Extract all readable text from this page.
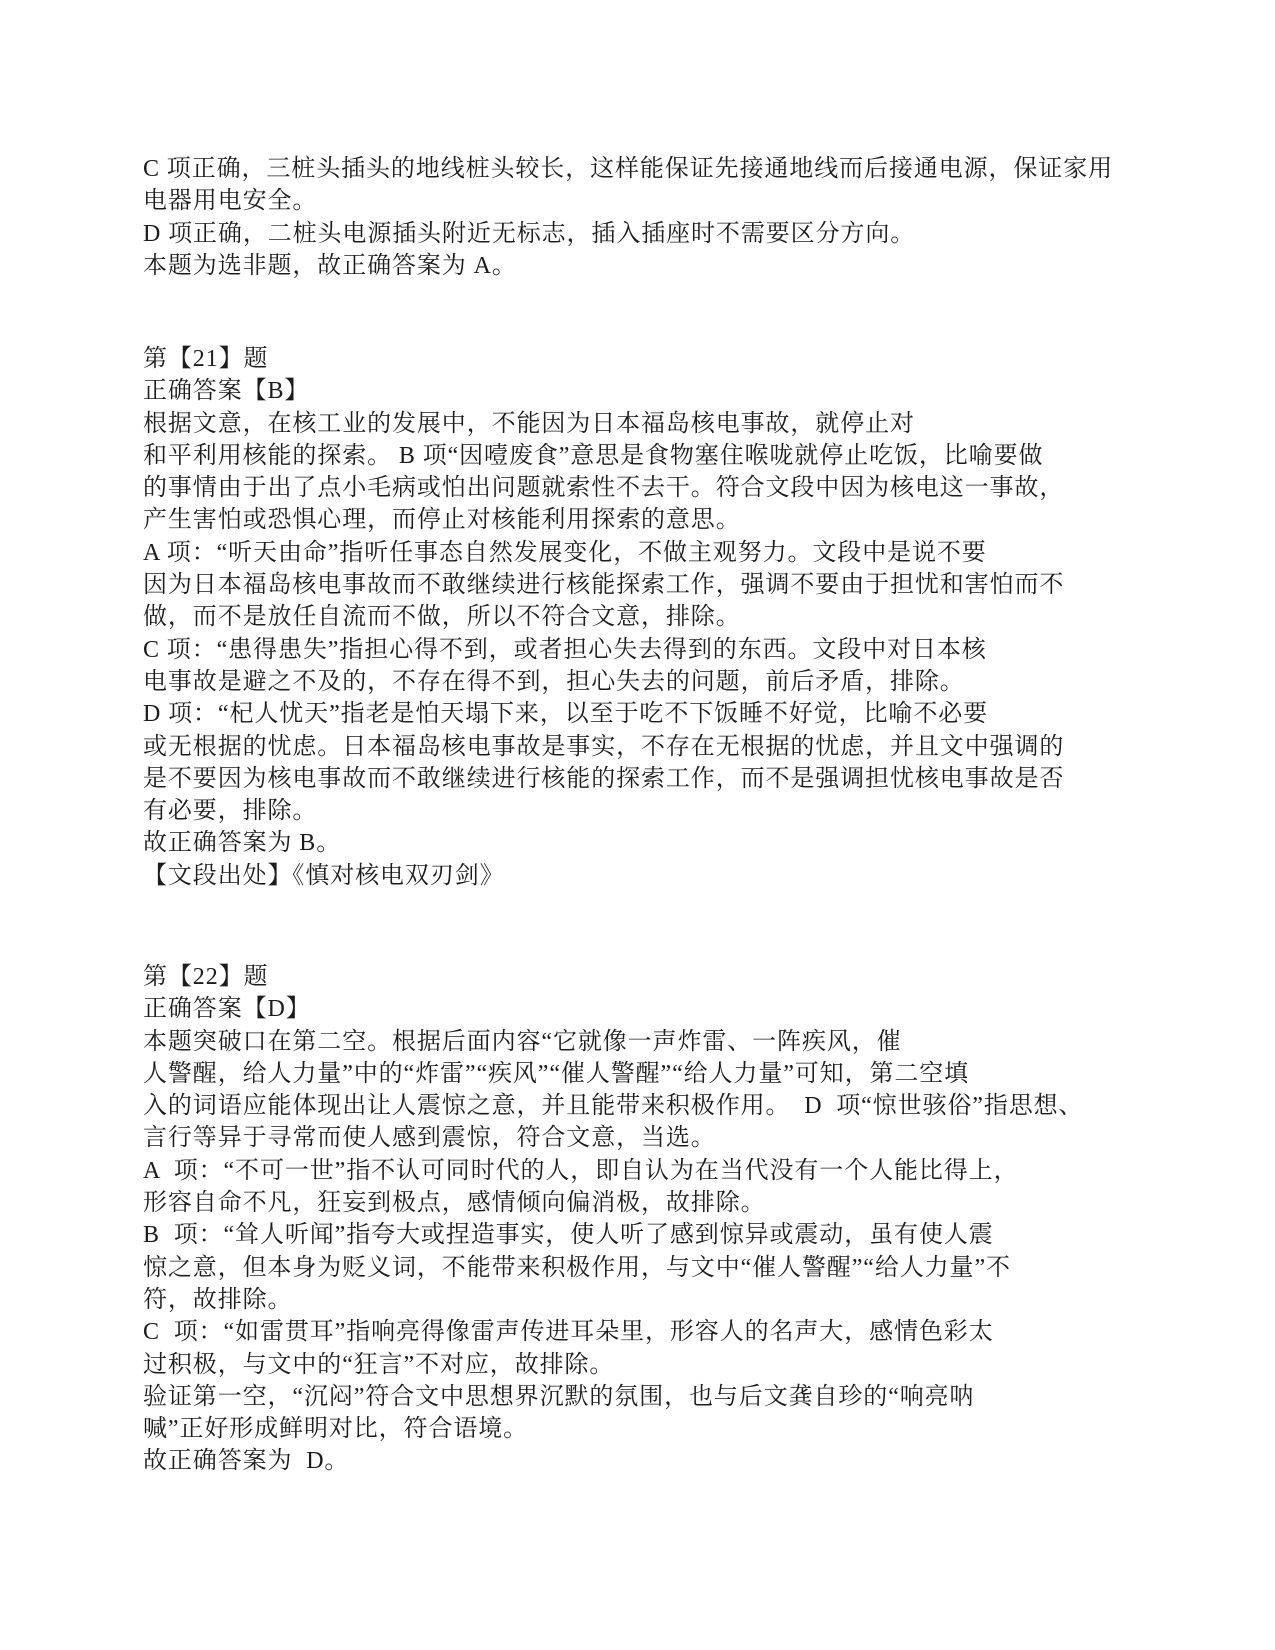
C 项正确，三桩头插头的地线桩头较长，这样能保证先接通地线而后接通电源，保证家用
电器用电安全。
D 项正确，二桩头电源插头附近无标志，插入插座时不需要区分方向。
本题为选非题，故正确答案为 A。
第【21】题
正确答案【B】
根据文意，在核工业的发展中，不能因为日本福岛核电事故，就停止对
和平利用核能的探索。 B 项“因噎废食”意思是食物塞住喉咙就停止吃饭，比喻要做
的事情由于出了点小毛病或怕出问题就索性不去干。符合文段中因为核电这一事故，
产生害怕或恐惧心理，而停止对核能利用探索的意思。
A 项：“听天由命”指听任事态自然发展变化，不做主观努力。文段中是说不要
因为日本福岛核电事故而不敢继续进行核能探索工作，强调不要由于担忧和害怕而不
做，而不是放任自流而不做，所以不符合文意，排除。
C 项：“患得患失”指担心得不到，或者担心失去得到的东西。文段中对日本核
电事故是避之不及的，不存在得不到，担心失去的问题，前后矛盾，排除。
D 项：“杞人忧天”指老是怕天塌下来，以至于吃不下饭睡不好觉，比喻不必要
或无根据的忧虑。日本福岛核电事故是事实，不存在无根据的忧虑，并且文中强调的
是不要因为核电事故而不敢继续进行核能的探索工作，而不是强调担忧核电事故是否
有必要，排除。
故正确答案为 B。
【文段出处】《慎对核电双刃剑》
第【22】题
正确答案【D】
本题突破口在第二空。根据后面内容“它就像一声炸雷、一阵疾风，催
人警醒，给人力量”中的“炸雷”“疾风”“催人警醒”“给人力量”可知，第二空填
入的词语应能体现出让人震惊之意，并且能带来积极作用。  D  项“惊世骇俗”指思想、
言行等异于寻常而使人感到震惊，符合文意，当选。
A  项：“不可一世”指不认可同时代的人，即自认为在当代没有一个人能比得上，
形容自命不凡，狂妄到极点，感情倾向偏消极，故排除。
B  项：“耸人听闻”指夸大或捏造事实，使人听了感到惊异或震动，虽有使人震
惊之意，但本身为贬义词，不能带来积极作用，与文中“催人警醒”“给人力量”不
符，故排除。
C  项：“如雷贯耳”指响亮得像雷声传进耳朵里，形容人的名声大，感情色彩太
过积极，与文中的“狂言”不对应，故排除。
验证第一空，“沉闷”符合文中思想界沉默的氛围，也与后文龚自珍的“响亮呐
喊”正好形成鲜明对比，符合语境。
故正确答案为  D。
